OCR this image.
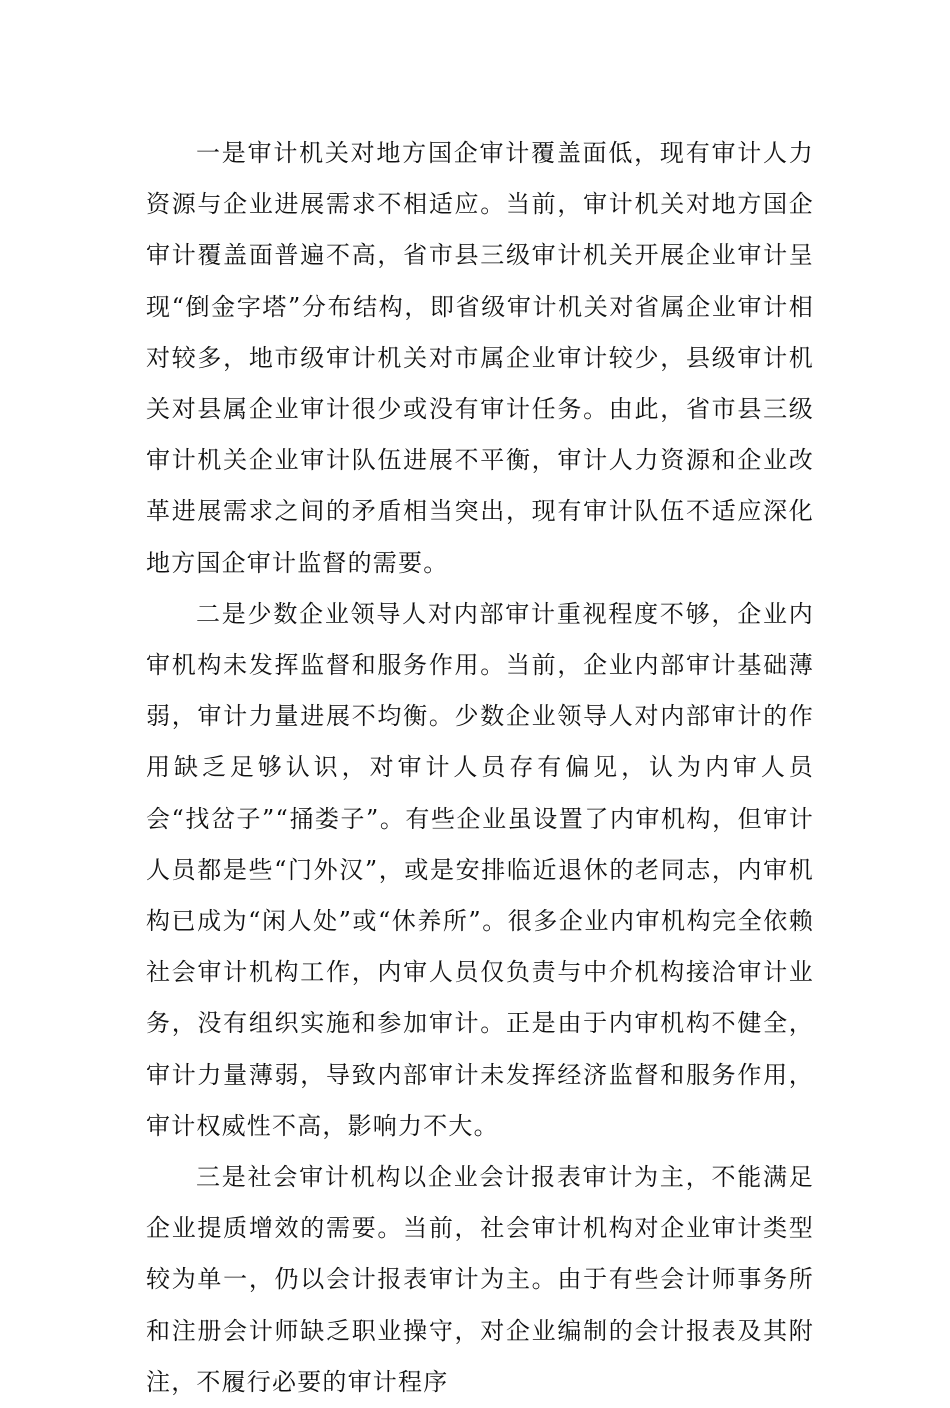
一是审计机关对地方国企审计覆盖面低，现有审计人力资源与企业进展需求不相适应。当前，审计机关对地方国企审计覆盖面普遍不高，省市县三级审计机关开展企业审计呈现“倒金字塔”分布结构，即省级审计机关对省属企业审计相对较多，地市级审计机关对市属企业审计较少，县级审计机关对县属企业审计很少或没有审计任务。由此，省市县三级审计机关企业审计队伍进展不平衡，审计人力资源和企业改革进展需求之间的矛盾相当突出，现有审计队伍不适应深化地方国企审计监督的需要。

二是少数企业领导人对内部审计重视程度不够，企业内审机构未发挥监督和服务作用。当前，企业内部审计基础薄弱，审计力量进展不均衡。少数企业领导人对内部审计的作用缺乏足够认识，对审计人员存有偏见，认为内审人员会“找岔子”“捅娄子”。有些企业虽设置了内审机构，但审计人员都是些“门外汉”，或是安排临近退休的老同志，内审机构已成为“闲人处”或“休养所”。很多企业内审机构完全依赖社会审计机构工作，内审人员仅负责与中介机构接洽审计业务，没有组织实施和参加审计。正是由于内审机构不健全，审计力量薄弱，导致内部审计未发挥经济监督和服务作用，审计权威性不高，影响力不大。

三是社会审计机构以企业会计报表审计为主，不能满足企业提质增效的需要。当前，社会审计机构对企业审计类型较为单一，仍以会计报表审计为主。由于有些会计师事务所和注册会计师缺乏职业操守，对企业编制的会计报表及其附注，不履行必要的审计程序
